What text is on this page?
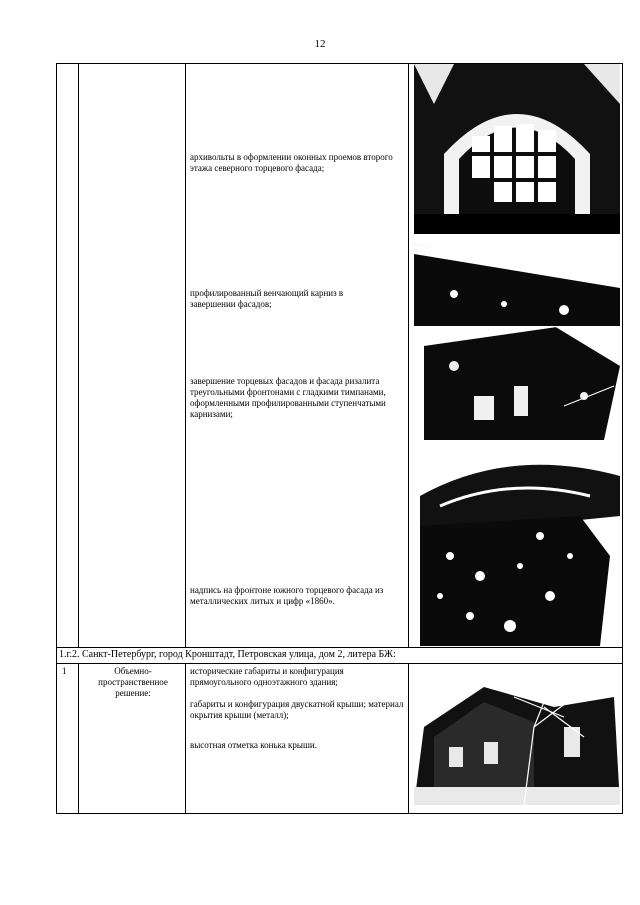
12
1.г.2. Санкт-Петербург, город Кронштадт, Петровская улица, дом 2, литера БЖ:
архивольты в оформлении оконных проемов второго этажа северного торцевого фасада;
профилированный венчающий карниз в завершении фасадов;
завершение торцевых фасадов и фасада ризалита треугольными фронтонами с гладкими тимпанами, оформленными профилированными ступенчатыми карнизами;
надпись на фронтоне южного торцевого фасада из металлических литых и цифр «1860».
1	Объемно-пространственное решение:
исторические габариты и конфигурация прямоугольного одноэтажного здания;
габариты и конфигурация двускатной крыши; материал окрытия крыши (металл);
высотная отметка конька крыши.
